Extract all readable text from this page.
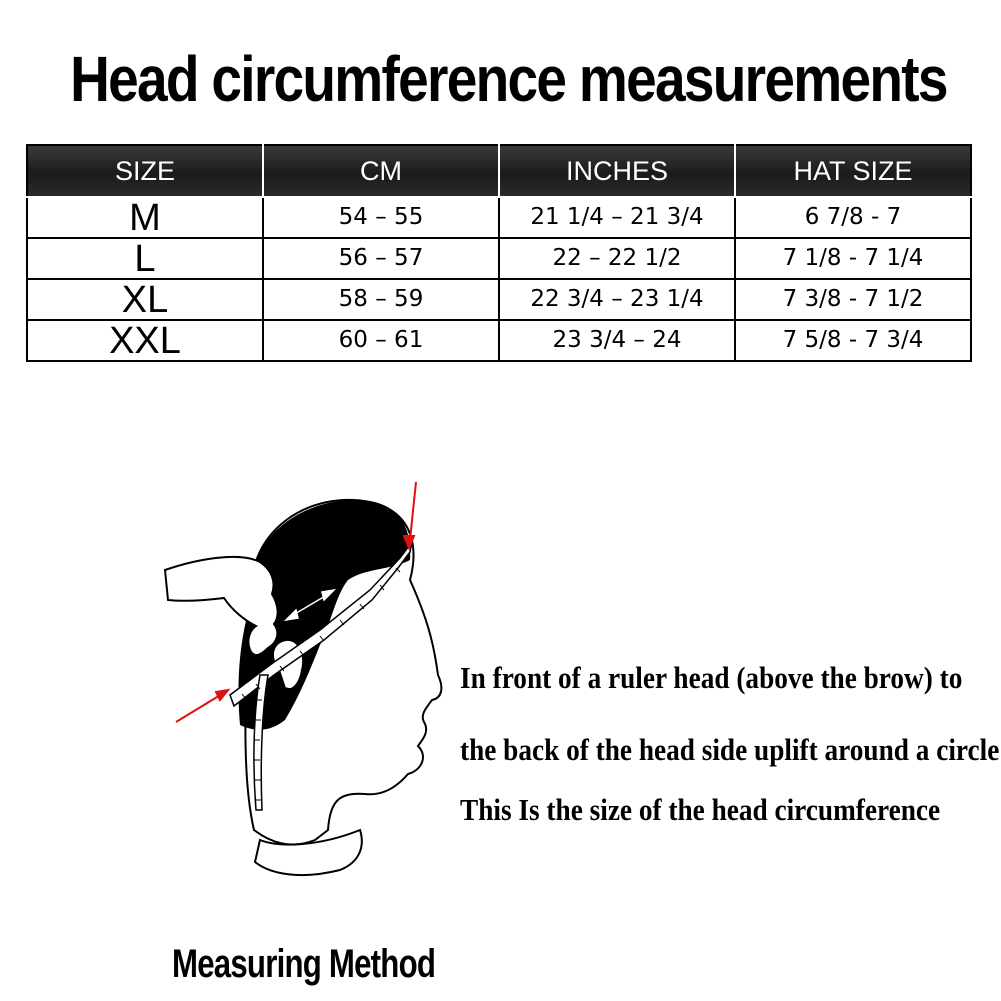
Head circumference measurements
SIZE	CM	INCHES	HAT SIZE
M	54 – 55	21 1/4 – 21 3/4	6 7/8 - 7
L	56 – 57	22 – 22 1/2	7 1/8 - 7 1/4
XL	58 – 59	22 3/4 – 23 1/4	7 3/8 - 7 1/2
XXL	60 – 61	23 3/4 – 24	7 5/8 - 7 3/4
In front of a ruler head (above the brow) to
the back of the head side uplift around a circle
This Is the size of the head circumference
Measuring Method
